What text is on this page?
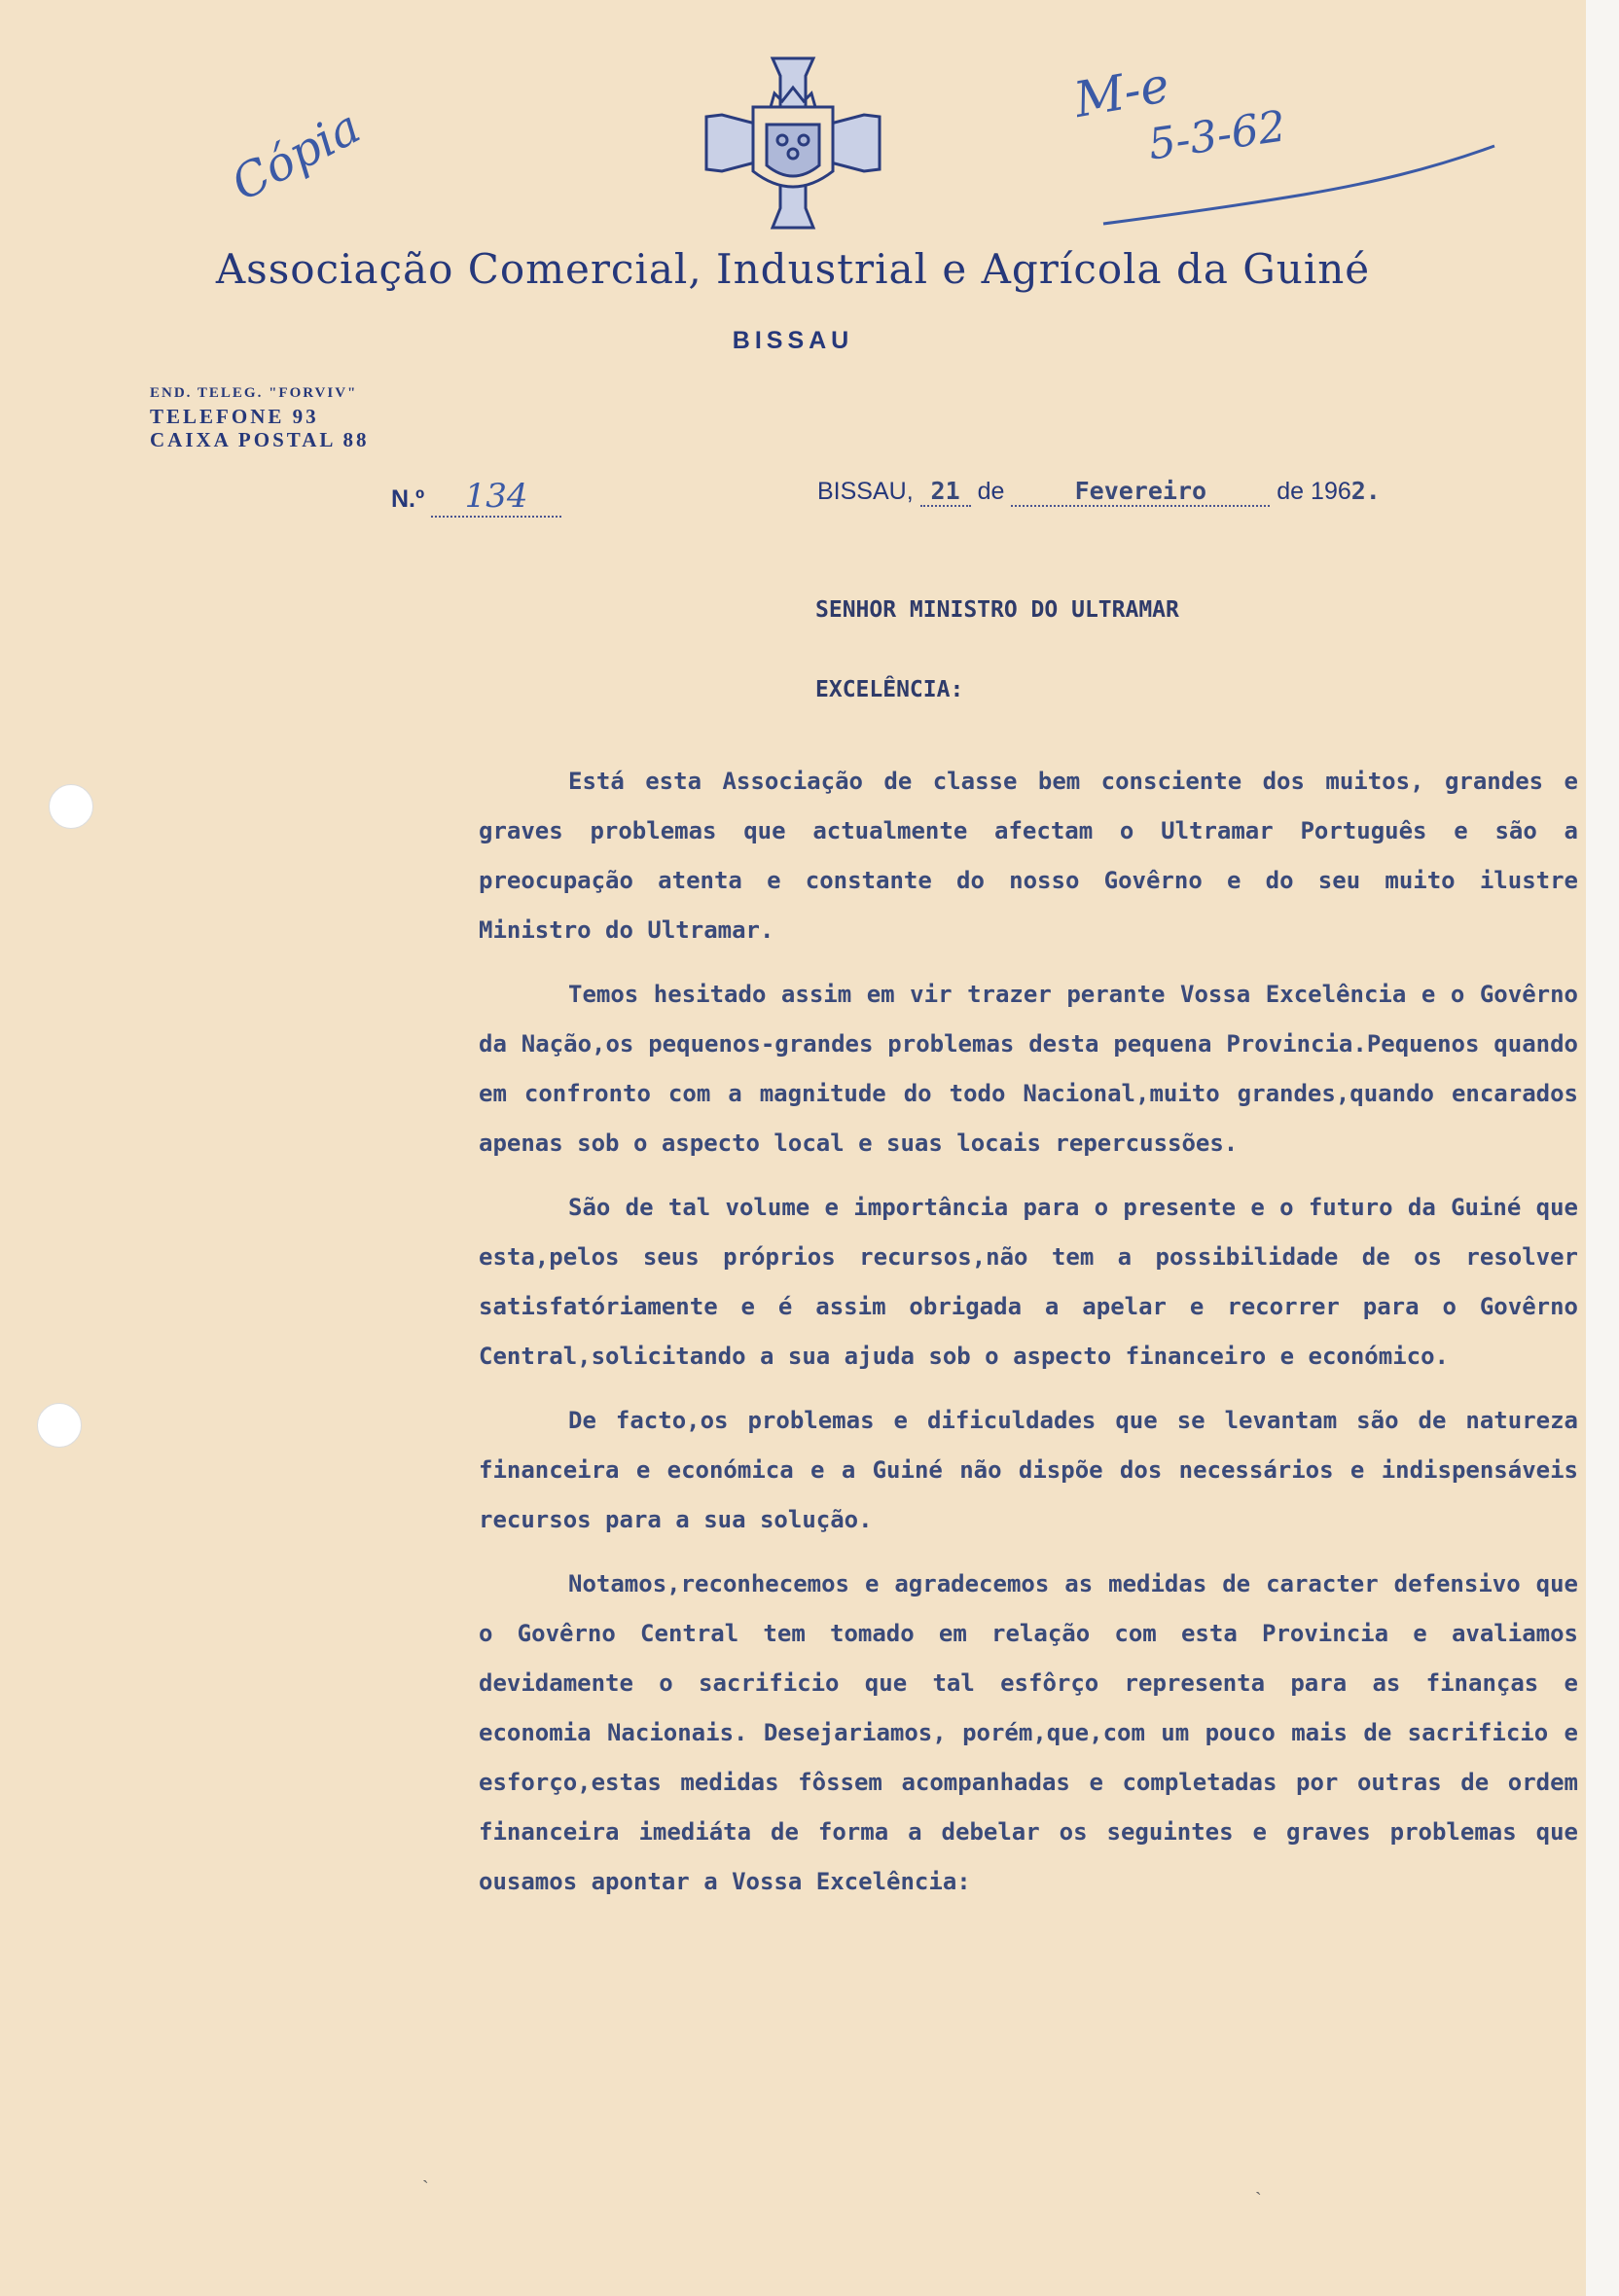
Cópia
M-e
5-3-62
Associação Comercial, Industrial e Agrícola da Guiné
BISSAU
END. TELEG. "FORVIV"
TELEFONE 93
CAIXA POSTAL 88
N.º 134	BISSAU, 21 de	Fevereiro	de 1962.
SENHOR MINISTRO DO ULTRAMAR
EXCELÊNCIA:

Está esta Associação de classe bem consciente dos muitos, grandes e graves problemas que actualmente afectam o Ultramar Português e são a preocupação atenta e constante do nosso Govêrno e do seu muito ilustre Ministro do Ultramar.

Temos hesitado assim em vir trazer perante Vossa Excelência e o Govêrno da Nação,os pequenos-grandes problemas desta pequena Provincia.Pequenos quando em confronto com a magnitude do todo Nacional,muito grandes,quando encarados apenas sob o aspecto local e suas locais repercussões.

São de tal volume e importância para o presente e o futuro da Guiné que esta,pelos seus próprios recursos,não tem a possibilidade de os resolver satisfatóriamente e é assim obrigada a apelar e recorrer para o Govêrno Central,solicitando a sua ajuda sob o aspecto financeiro e económico.

De facto,os problemas e dificuldades que se levantam são de natureza financeira e económica e a Guiné não dispõe dos necessários e indispensáveis recursos para a sua solução.

Notamos,reconhecemos e agradecemos as medidas de caracter defensivo que o Govêrno Central tem tomado em relação com esta Provincia e avaliamos devidamente o sacrificio que tal esfôrço representa para as finanças e economia Nacionais. Desejariamos, porém,que,com um pouco mais de sacrificio e esforço,estas medidas fôssem acompanhadas e completadas por outras de ordem financeira imediáta de forma a debelar os seguintes e graves problemas que ousamos apontar a Vossa Excelência:

ˋ	ˋ
